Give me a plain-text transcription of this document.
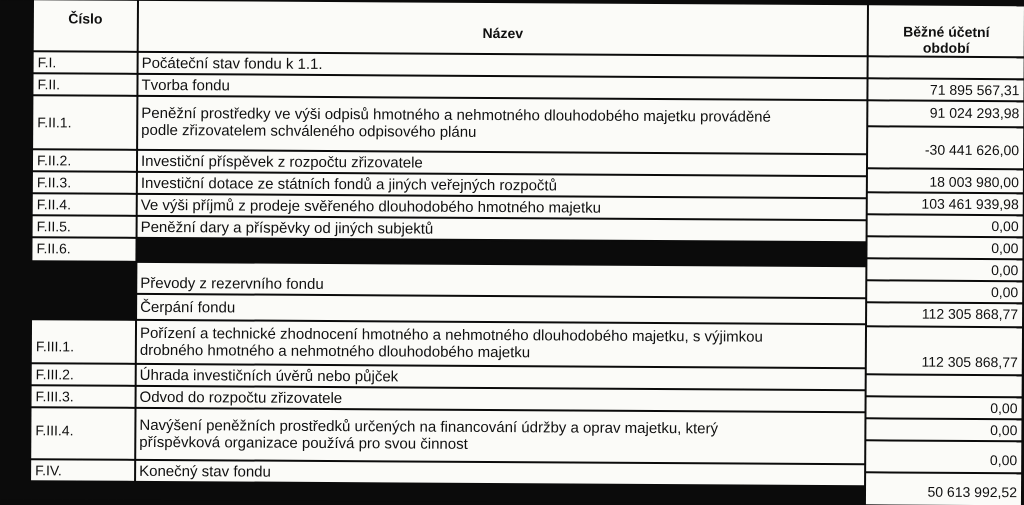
Číslo
Název	Běžné účetní
období
F.I.
F.II.
F.II.1.
F.II.2.
F.II.3.
F.II.4.
F.II.5.
F.II.6.
F.III.1.
F.III.2.
F.III.3.
F.III.4.
F.IV.
Počáteční stav fondu k 1.1.
Tvorba fondu
Peněžní prostředky ve výši odpisů hmotného a nehmotného dlouhodobého majetku prováděné
podle zřizovatelem schváleného odpisového plánu
Investiční příspěvek z rozpočtu zřizovatele
Investiční dotace ze státních fondů a jiných veřejných rozpočtů
Ve výši příjmů z prodeje svěřeného dlouhodobého hmotného majetku
Peněžní dary a příspěvky od jiných subjektů
Převody z rezervního fondu
Čerpání fondu
Pořízení a technické zhodnocení hmotného a nehmotného dlouhodobého majetku, s výjimkou
drobného hmotného a nehmotného dlouhodobého majetku
Úhrada investičních úvěrů nebo půjček
Odvod do rozpočtu zřizovatele
Navýšení peněžních prostředků určených na financování údržby a oprav majetku, který
příspěvková organizace používá pro svou činnost
Konečný stav fondu
71 895 567,31
91 024 293,98
-30 441 626,00
18 003 980,00
103 461 939,98
0,00
0,00
0,00
0,00
112 305 868,77
112 305 868,77
0,00
0,00
0,00
50 613 992,52
